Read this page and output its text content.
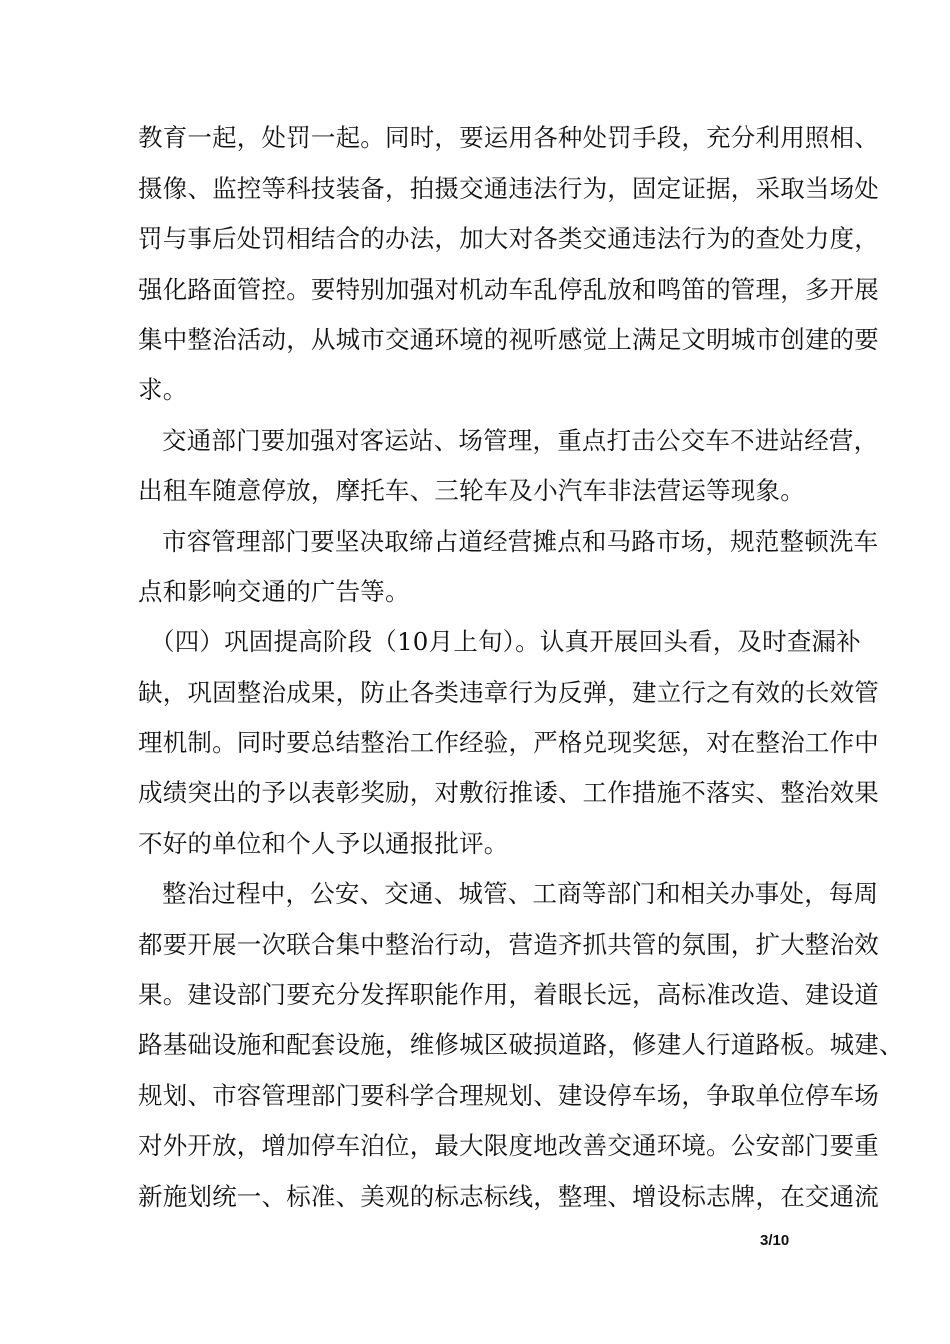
教育一起，处罚一起。同时，要运用各种处罚手段，充分利用照相、
摄像、监控等科技装备，拍摄交通违法行为，固定证据，采取当场处
罚与事后处罚相结合的办法，加大对各类交通违法行为的查处力度，
强化路面管控。要特别加强对机动车乱停乱放和鸣笛的管理，多开展
集中整治活动，从城市交通环境的视听感觉上满足文明城市创建的要
求。
交通部门要加强对客运站、场管理，重点打击公交车不进站经营，
出租车随意停放，摩托车、三轮车及小汽车非法营运等现象。
市容管理部门要坚决取缔占道经营摊点和马路市场，规范整顿洗车
点和影响交通的广告等。
（四）巩固提高阶段（10月上旬）。认真开展回头看，及时查漏补
缺，巩固整治成果，防止各类违章行为反弹，建立行之有效的长效管
理机制。同时要总结整治工作经验，严格兑现奖惩，对在整治工作中
成绩突出的予以表彰奖励，对敷衍推诿、工作措施不落实、整治效果
不好的单位和个人予以通报批评。
整治过程中，公安、交通、城管、工商等部门和相关办事处，每周
都要开展一次联合集中整治行动，营造齐抓共管的氛围，扩大整治效
果。建设部门要充分发挥职能作用，着眼长远，高标准改造、建设道
路基础设施和配套设施，维修城区破损道路，修建人行道路板。城建、
规划、市容管理部门要科学合理规划、建设停车场，争取单位停车场
对外开放，增加停车泊位，最大限度地改善交通环境。公安部门要重
新施划统一、标准、美观的标志标线，整理、增设标志牌，在交通流
3/10
